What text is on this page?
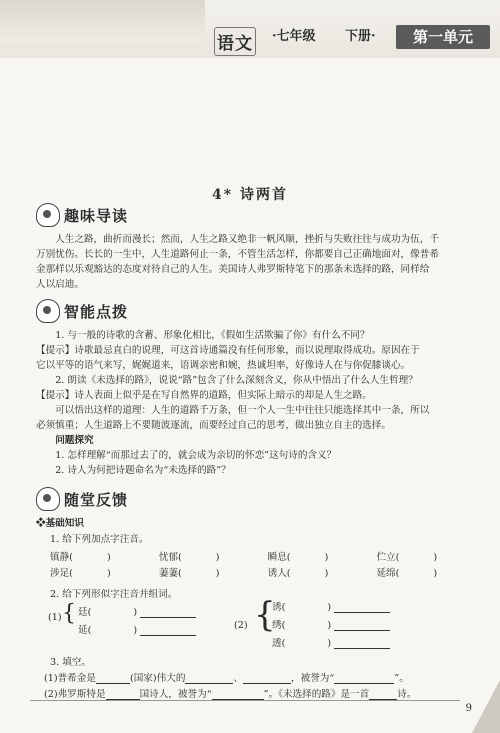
语文 ·七年级 下册·	第一单元
4* 诗两首
趣味导读
人生之路，曲折而漫长；然而，人生之路又绝非一帆风顺，挫折与失败往往与成功为伍，千
万别忧伤。长长的一生中，人生道路何止一条，不管生活怎样，你都要自己正确地面对，像普希
金那样以乐观豁达的态度对待自己的人生。美国诗人弗罗斯特笔下的那条未选择的路，同样给
人以启迪。
智能点拨
1. 与一般的诗歌的含蓄、形象化相比，《假如生活欺骗了你》有什么不同？
【提示】诗歌最忌直白的说理，可这首诗通篇没有任何形象，而以说理取得成功。原因在于
它以平等的语气来写，娓娓道来，语调亲密和婉，热诚坦率，好像诗人在与你促膝谈心。
2. 朗读《未选择的路》，说说“路”包含了什么深刻含义，你从中悟出了什么人生哲理？
【提示】诗人表面上似乎是在写自然界的道路，但实际上暗示的却是人生之路。
可以悟出这样的道理：人生的道路千万条，但一个人一生中往往只能选择其中一条，所以
必须慎重；人生道路上不要随波逐流，而要经过自己的思考，做出独立自主的选择。
问题探究
1. 怎样理解“而那过去了的，就会成为亲切的怀恋”这句诗的含义？
2. 诗人为何把诗题命名为“未选择的路”？
随堂反馈
❖基础知识
1. 给下列加点字注音。
镇静(	)	忧郁(	)	瞬息(	)	伫立(	)
涉足(	)	萋萋(	)	诱人(	)	延绵(	)
2. 给下列形似字注音并组词。
(1) { 廷(	)
延(	)	(2) {
诱(	)
绣(	)
透(	)
3. 填空。
(1)普希金是	(国家)伟大的	、	，被誉为“	”。
(2)弗罗斯特是	国诗人，被誉为“	”。《未选择的路》是一首	诗。
9
